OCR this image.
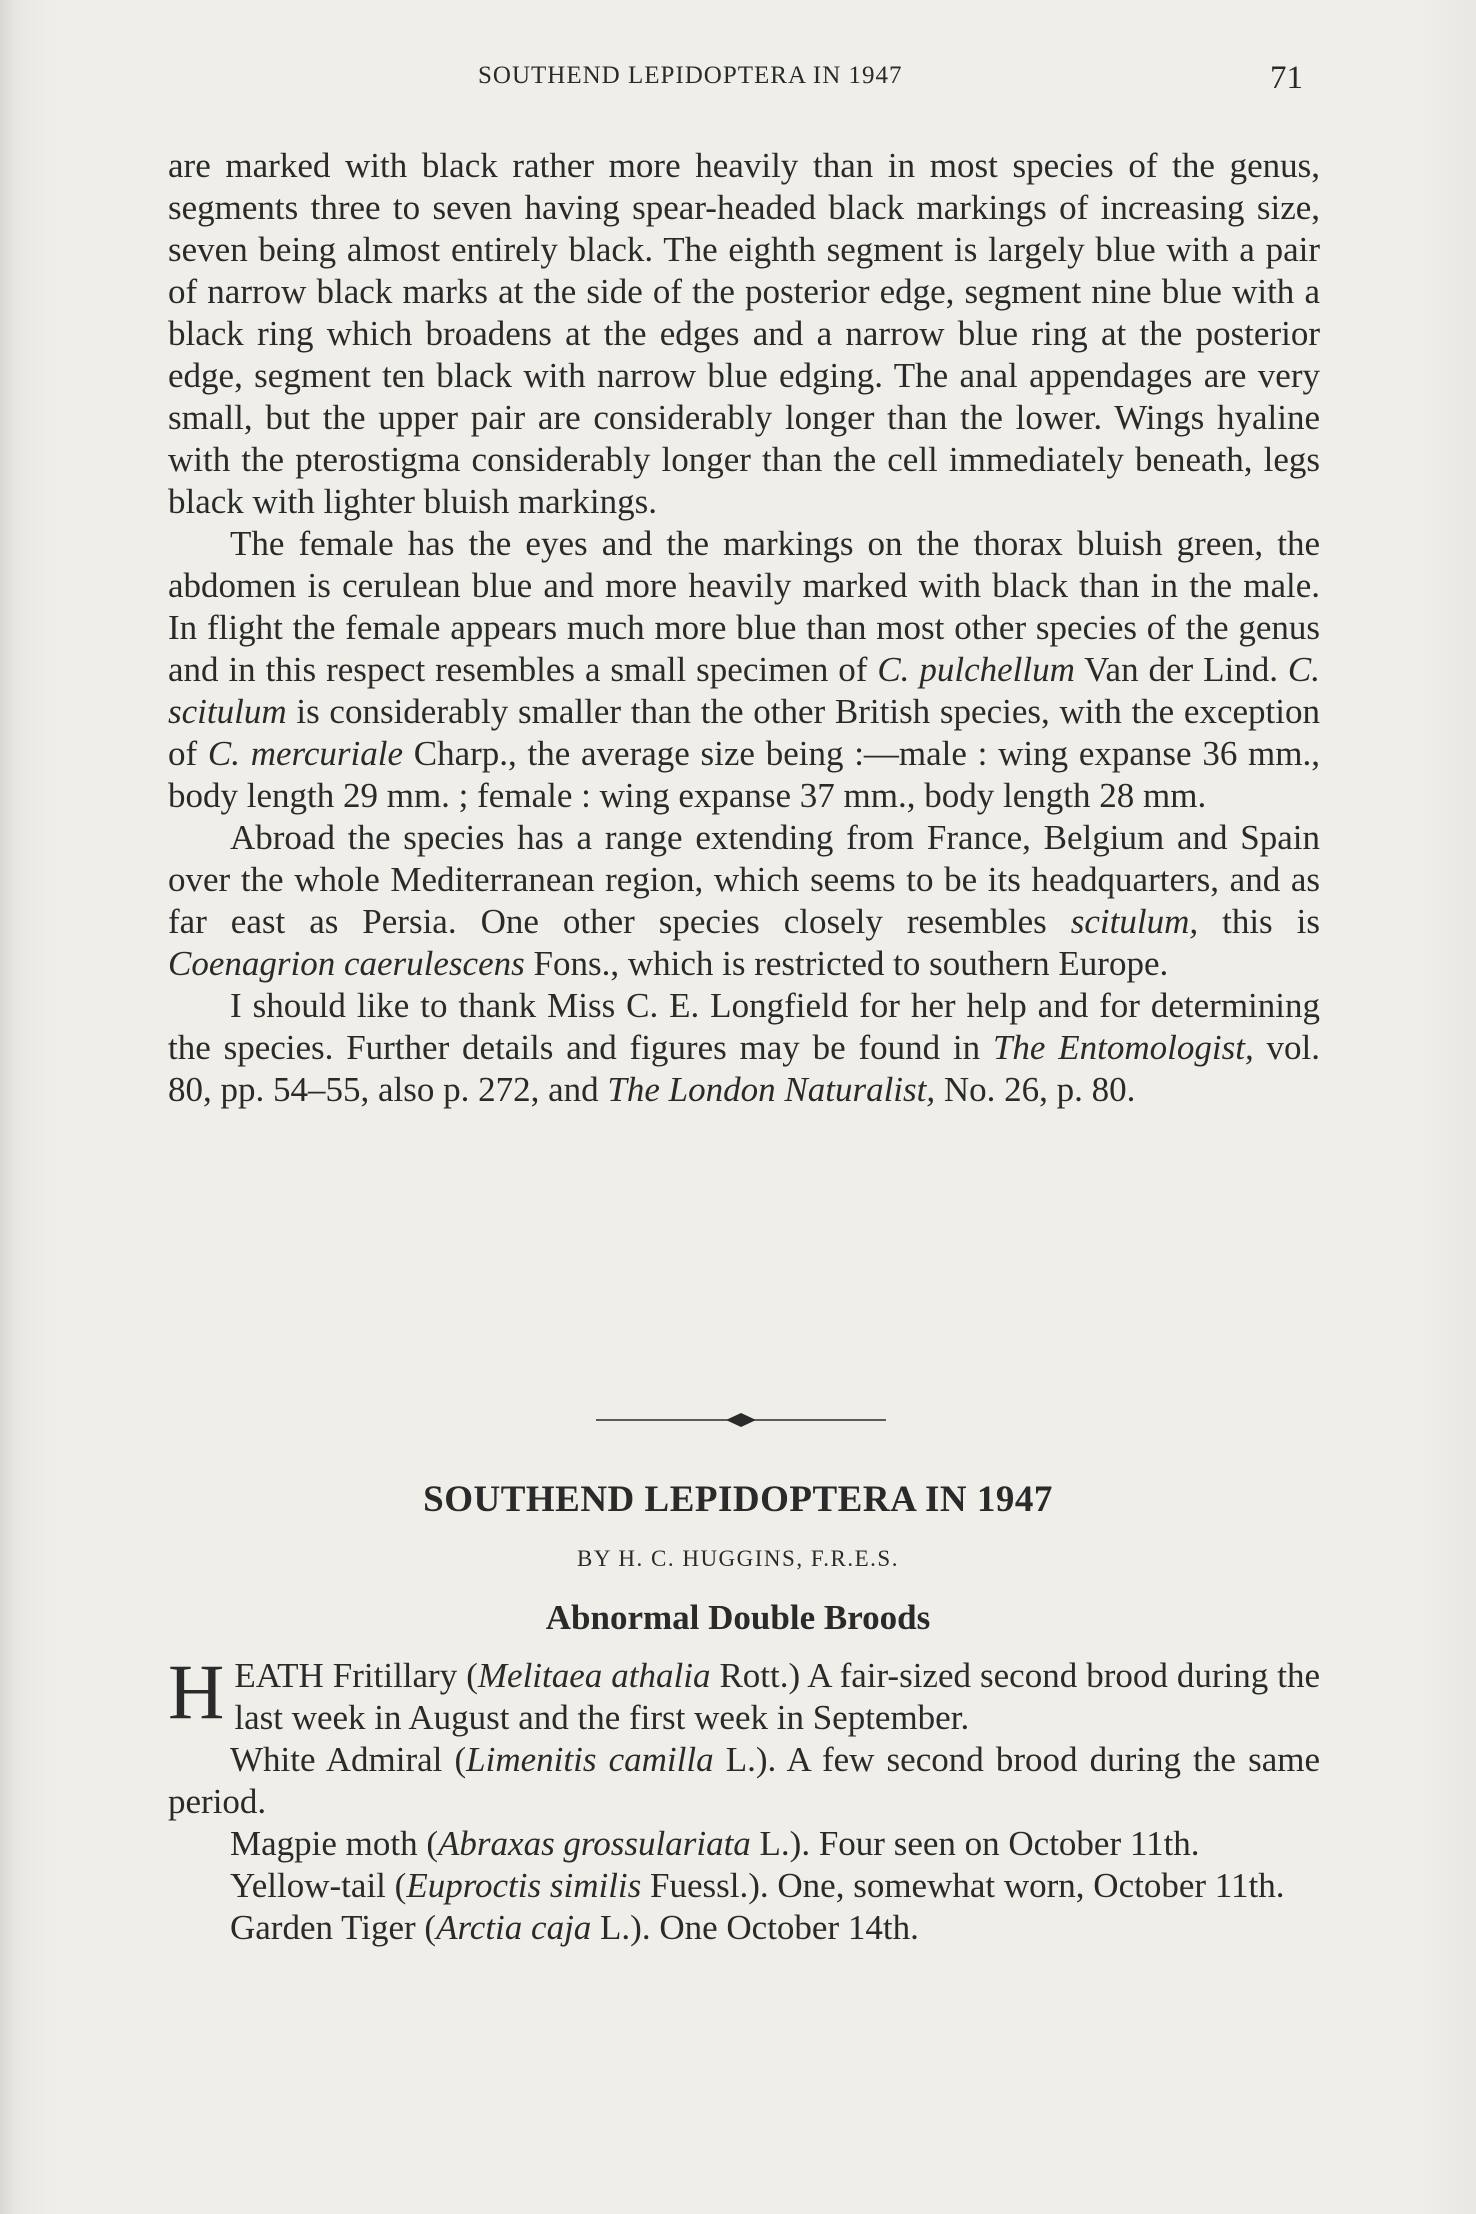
SOUTHEND LEPIDOPTERA IN 1947	71

are marked with black rather more heavily than in most species of the genus, segments three to seven having spear-headed black markings of increasing size, seven being almost entirely black. The eighth segment is largely blue with a pair of narrow black marks at the side of the posterior edge, segment nine blue with a black ring which broadens at the edges and a narrow blue ring at the posterior edge, segment ten black with narrow blue edging. The anal appendages are very small, but the upper pair are considerably longer than the lower. Wings hyaline with the pterostigma considerably longer than the cell immediately beneath, legs black with lighter bluish markings.

The female has the eyes and the markings on the thorax bluish green, the abdomen is cerulean blue and more heavily marked with black than in the male. In flight the female appears much more blue than most other species of the genus and in this respect resembles a small specimen of C. pulchellum Van der Lind. C. scitulum is considerably smaller than the other British species, with the exception of C. mercuriale Charp., the average size being :—male : wing expanse 36 mm., body length 29 mm. ; female : wing expanse 37 mm., body length 28 mm.

Abroad the species has a range extending from France, Belgium and Spain over the whole Mediterranean region, which seems to be its headquarters, and as far east as Persia. One other species closely resembles scitulum, this is Coenagrion caerulescens Fons., which is restricted to southern Europe.

I should like to thank Miss C. E. Longfield for her help and for determining the species. Further details and figures may be found in The Entomologist, vol. 80, pp. 54–55, also p. 272, and The London Naturalist, No. 26, p. 80.

SOUTHEND LEPIDOPTERA IN 1947
BY H. C. HUGGINS, F.R.E.S.
Abnormal Double Broods

HEATH Fritillary (Melitaea athalia Rott.) A fair-sized second brood during the last week in August and the first week in September.

White Admiral (Limenitis camilla L.). A few second brood during the same period.

Magpie moth (Abraxas grossulariata L.). Four seen on October 11th.

Yellow-tail (Euproctis similis Fuessl.). One, somewhat worn, October 11th.

Garden Tiger (Arctia caja L.). One October 14th.
